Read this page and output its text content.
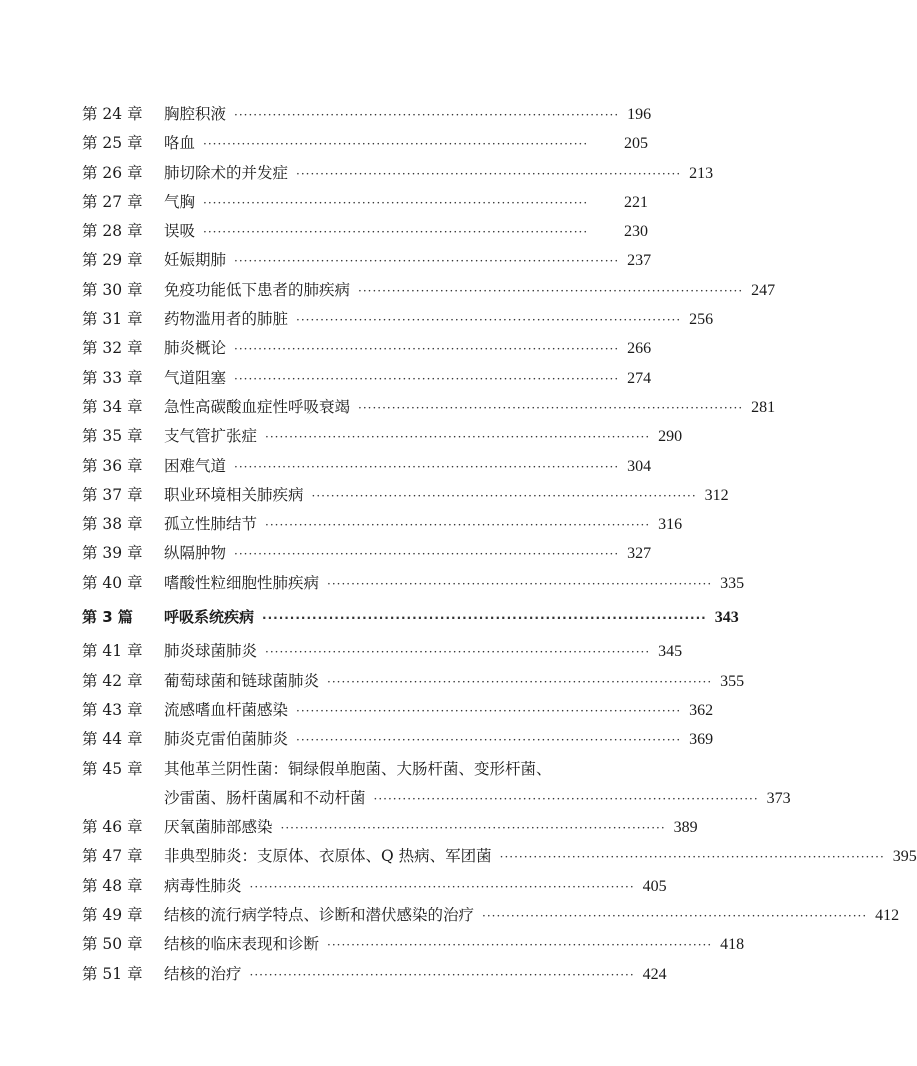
第 24 章	胸腔积液 ················································································ 196
第 25 章	咯血 ················································································	205
第 26 章	肺切除术的并发症 ················································································ 213
第 27 章	气胸 ················································································	221
第 28 章	误吸 ················································································	230
第 29 章	妊娠期肺 ················································································ 237
第 30 章	免疫功能低下患者的肺疾病 ················································································ 247
第 31 章	药物滥用者的肺脏 ················································································ 256
第 32 章	肺炎概论 ················································································ 266
第 33 章	气道阻塞 ················································································ 274
第 34 章	急性高碳酸血症性呼吸衰竭 ················································································ 281
第 35 章	支气管扩张症 ················································································ 290
第 36 章	困难气道 ················································································ 304
第 37 章	职业环境相关肺疾病 ················································································ 312
第 38 章	孤立性肺结节 ················································································ 316
第 39 章	纵隔肿物 ················································································ 327
第 40 章	嗜酸性粒细胞性肺疾病 ················································································ 335
第 3 篇	呼吸系统疾病 ················································································ 343
第 41 章	肺炎球菌肺炎 ················································································ 345
第 42 章	葡萄球菌和链球菌肺炎 ················································································ 355
第 43 章	流感嗜血杆菌感染 ················································································ 362
第 44 章	肺炎克雷伯菌肺炎 ················································································ 369
第 45 章	其他革兰阴性菌：铜绿假单胞菌、大肠杆菌、变形杆菌、
沙雷菌、肠杆菌属和不动杆菌 ················································································ 373
第 46 章	厌氧菌肺部感染 ················································································ 389
第 47 章	非典型肺炎：支原体、衣原体、Q 热病、军团菌 ················································································ 395
第 48 章	病毒性肺炎 ················································································ 405
第 49 章	结核的流行病学特点、诊断和潜伏感染的治疗 ················································································ 412
第 50 章	结核的临床表现和诊断 ················································································ 418
第 51 章	结核的治疗 ················································································ 424
